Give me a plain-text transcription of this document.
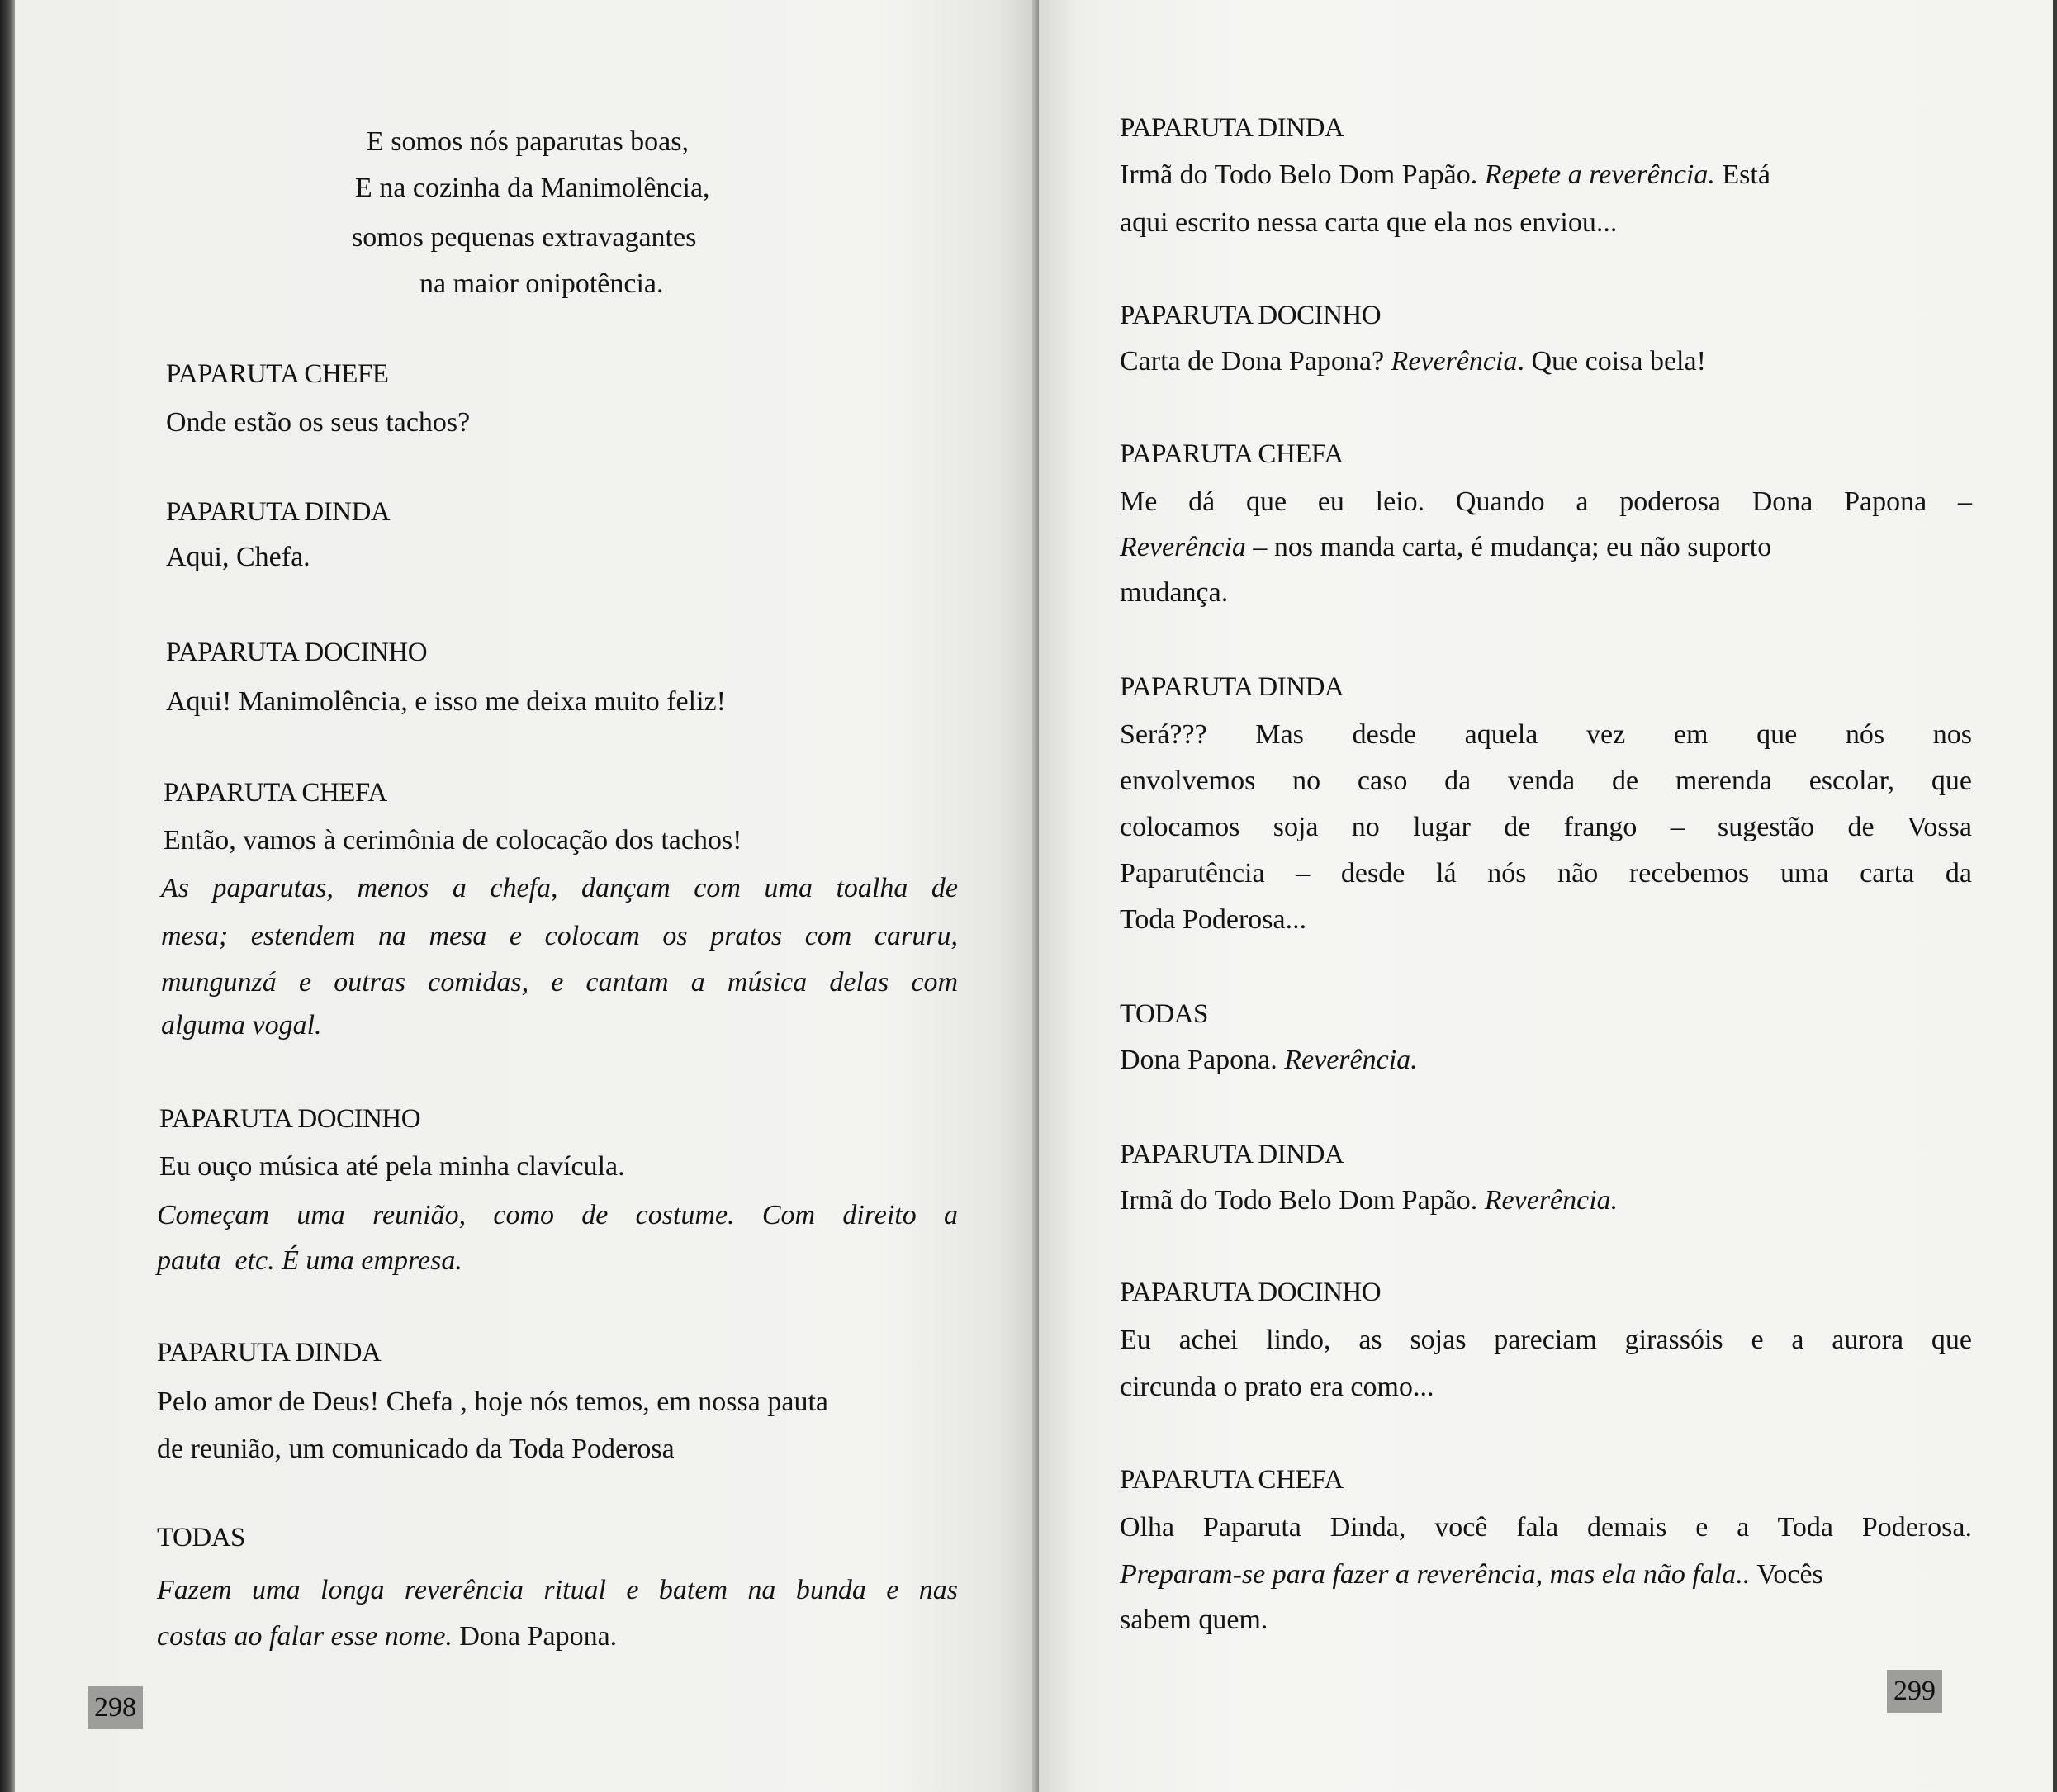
E somos nós paparutas boas,

E na cozinha da Manimolência,

somos pequenas extravagantes

na maior onipotência.

PAPARUTA CHEFE

Onde estão os seus tachos?

PAPARUTA DINDA

Aqui, Chefa.

PAPARUTA DOCINHO

Aqui! Manimolência, e isso me deixa muito feliz!

PAPARUTA CHEFA

Então, vamos à cerimônia de colocação dos tachos!

As paparutas, menos a chefa, dançam com uma toalha de

mesa; estendem na mesa e colocam os pratos com caruru,

mungunzá e outras comidas, e cantam a música delas com

alguma vogal.

PAPARUTA DOCINHO

Eu ouço música até pela minha clavícula.

Começam uma reunião, como de costume. Com direito a

pauta  etc. É uma empresa.

PAPARUTA DINDA

Pelo amor de Deus! Chefa , hoje nós temos, em nossa pauta

de reunião, um comunicado da Toda Poderosa

TODAS

Fazem uma longa reverência ritual e batem na bunda e nas

costas ao falar esse nome. Dona Papona.

298

PAPARUTA DINDA

Irmã do Todo Belo Dom Papão. Repete a reverência. Está

aqui escrito nessa carta que ela nos enviou...

PAPARUTA DOCINHO

Carta de Dona Papona? Reverência. Que coisa bela!

PAPARUTA CHEFA

Me dá que eu leio. Quando a poderosa Dona Papona –

Reverência – nos manda carta, é mudança; eu não suporto

mudança.

PAPARUTA DINDA

Será??? Mas desde aquela vez em que nós nos

envolvemos no caso da venda de merenda escolar, que

colocamos soja no lugar de frango – sugestão de Vossa

Paparutência – desde lá nós não recebemos uma carta da

Toda Poderosa...

TODAS

Dona Papona. Reverência.

PAPARUTA DINDA

Irmã do Todo Belo Dom Papão. Reverência.

PAPARUTA DOCINHO

Eu achei lindo, as sojas pareciam girassóis e a aurora que

circunda o prato era como...

PAPARUTA CHEFA

Olha Paparuta Dinda, você fala demais e a Toda Poderosa.

Preparam-se para fazer a reverência, mas ela não fala.. Vocês

sabem quem.

299
